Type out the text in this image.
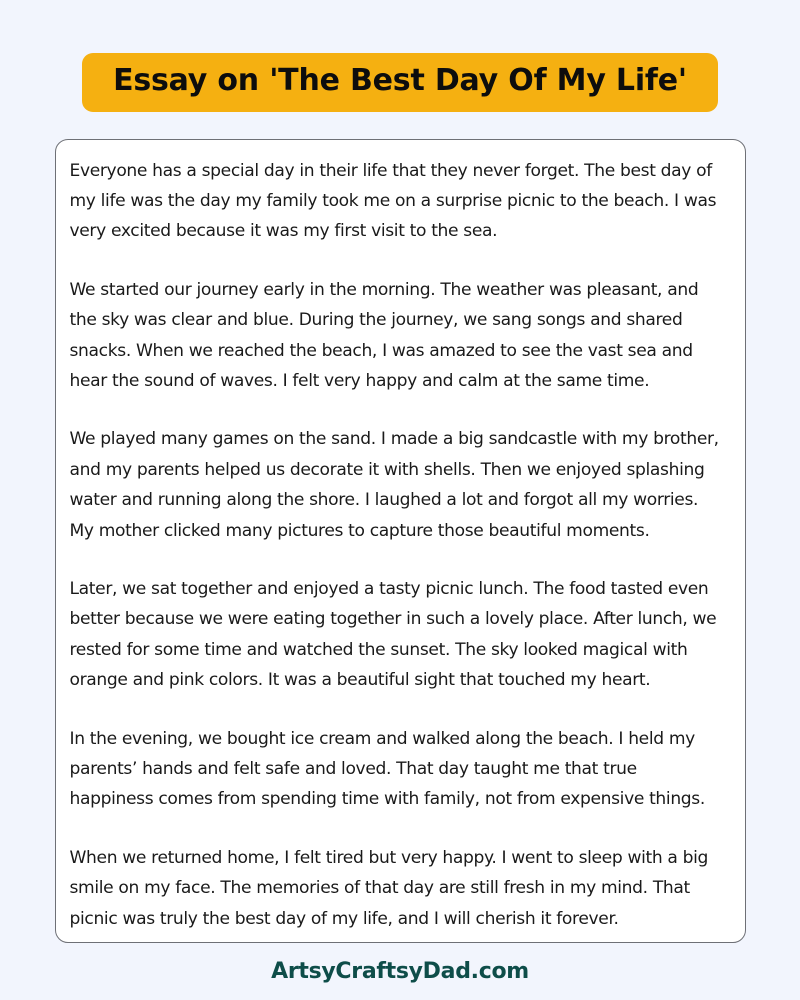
Essay on 'The Best Day Of My Life'

Everyone has a special day in their life that they never forget. The best day of my life was the day my family took me on a surprise picnic to the beach. I was very excited because it was my first visit to the sea.

We started our journey early in the morning. The weather was pleasant, and the sky was clear and blue. During the journey, we sang songs and shared snacks. When we reached the beach, I was amazed to see the vast sea and hear the sound of waves. I felt very happy and calm at the same time.

We played many games on the sand. I made a big sandcastle with my brother, and my parents helped us decorate it with shells. Then we enjoyed splashing water and running along the shore. I laughed a lot and forgot all my worries. My mother clicked many pictures to capture those beautiful moments.

Later, we sat together and enjoyed a tasty picnic lunch. The food tasted even better because we were eating together in such a lovely place. After lunch, we rested for some time and watched the sunset. The sky looked magical with orange and pink colors. It was a beautiful sight that touched my heart.

In the evening, we bought ice cream and walked along the beach. I held my parents’ hands and felt safe and loved. That day taught me that true happiness comes from spending time with family, not from expensive things.

When we returned home, I felt tired but very happy. I went to sleep with a big smile on my face. The memories of that day are still fresh in my mind. That picnic was truly the best day of my life, and I will cherish it forever.

ArtsyCraftsyDad.com
